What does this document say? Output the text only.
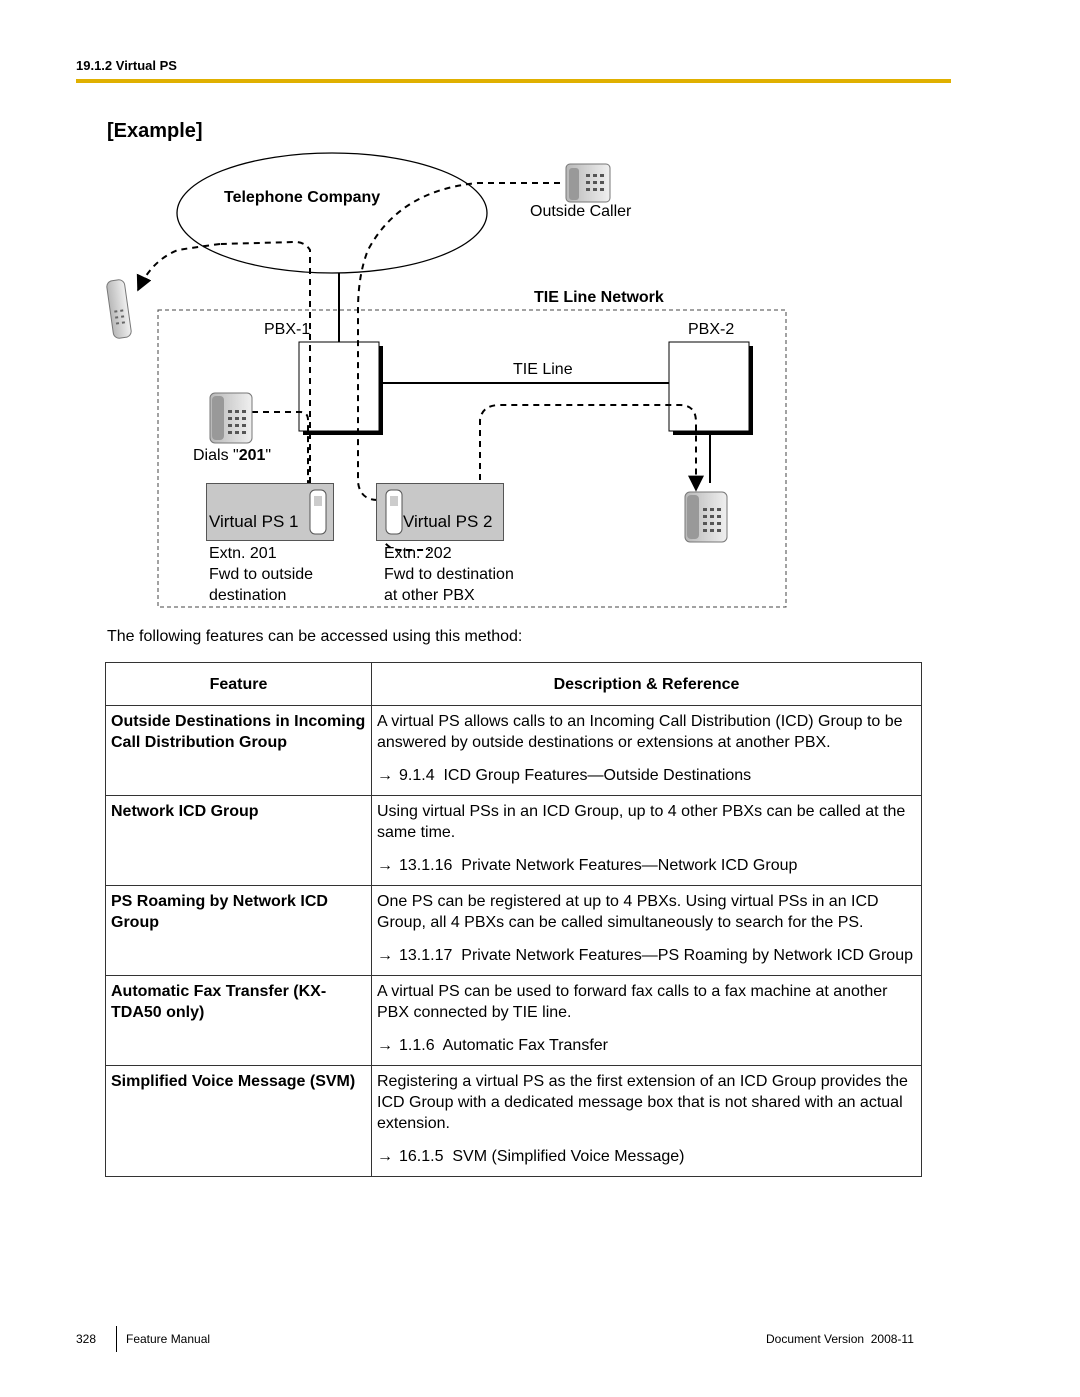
19.1.2 Virtual PS
[Example]
Telephone Company
Outside Caller
TIE Line Network
PBX-1	PBX-2
TIE Line
Dials "201"
Virtual PS 1	Virtual PS 2
Extn. 201
Fwd to outside
destination
Extn. 202
Fwd to destination
at other PBX
The following features can be accessed using this method:
Feature	Description & Reference
Outside Destinations in Incoming Call Distribution Group	A virtual PS allows calls to an Incoming Call Distribution (ICD) Group to be answered by outside destinations or extensions at another PBX.
→ 9.1.4 ICD Group Features—Outside Destinations

Network ICD Group	Using virtual PSs in an ICD Group, up to 4 other PBXs can be called at the same time.
→ 13.1.16 Private Network Features—Network ICD Group

PS Roaming by Network ICD Group	One PS can be registered at up to 4 PBXs. Using virtual PSs in an ICD Group, all 4 PBXs can be called simultaneously to search for the PS.
→ 13.1.17 Private Network Features—PS Roaming by Network ICD Group

Automatic Fax Transfer (KX-TDA50 only)	A virtual PS can be used to forward fax calls to a fax machine at another PBX connected by TIE line.
→ 1.1.6 Automatic Fax Transfer

Simplified Voice Message (SVM)	Registering a virtual PS as the first extension of an ICD Group provides the ICD Group with a dedicated message box that is not shared with an actual extension.
→ 16.1.5 SVM (Simplified Voice Message)
328 Feature Manual	Document Version 2008-11
